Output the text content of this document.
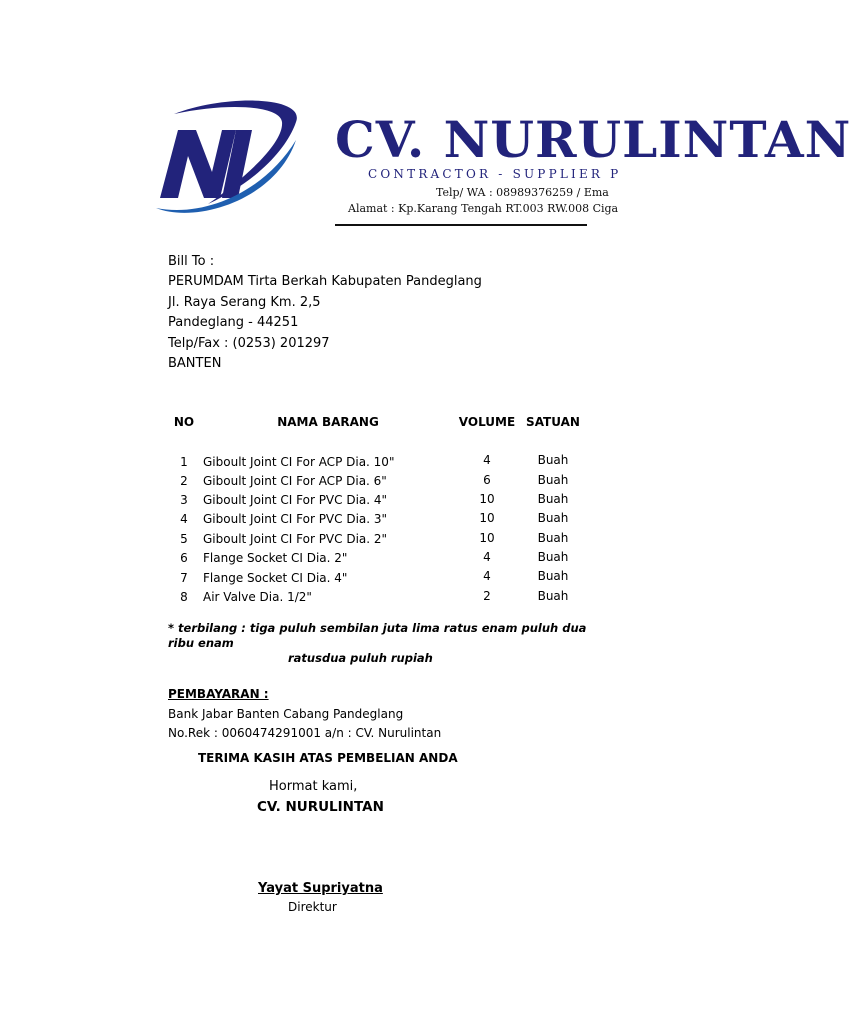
CV. NURULINTAN
CONTRACTOR - SUPPLIER P
Telp/ WA : 08989376259 / Ema
Alamat : Kp.Karang Tengah RT.003 RW.008 Ciga
Bill To :
PERUMDAM Tirta Berkah Kabupaten Pandeglang
Jl. Raya Serang Km. 2,5
Pandeglang - 44251
Telp/Fax : (0253) 201297
BANTEN
NO	NAMA BARANG	VOLUME SATUAN
1	Giboult Joint CI For ACP Dia. 10"	4	Buah
2	Giboult Joint CI For ACP Dia. 6"	6	Buah
3	Giboult Joint CI For PVC Dia. 4"	10	Buah
4	Giboult Joint CI For PVC Dia. 3"	10	Buah
5	Giboult Joint CI For PVC Dia. 2"	10	Buah
6	Flange Socket CI Dia. 2"	4	Buah
7	Flange Socket CI Dia. 4"	4	Buah
8	Air Valve Dia. 1/2"	2	Buah
* terbilang : tiga puluh sembilan juta lima ratus enam puluh dua ribu enam
ratusdua puluh rupiah
PEMBAYARAN :
Bank Jabar Banten Cabang Pandeglang
No.Rek : 0060474291001 a/n : CV. Nurulintan
TERIMA KASIH ATAS PEMBELIAN ANDA
Hormat kami,
CV. NURULINTAN
Yayat Supriyatna
Direktur
